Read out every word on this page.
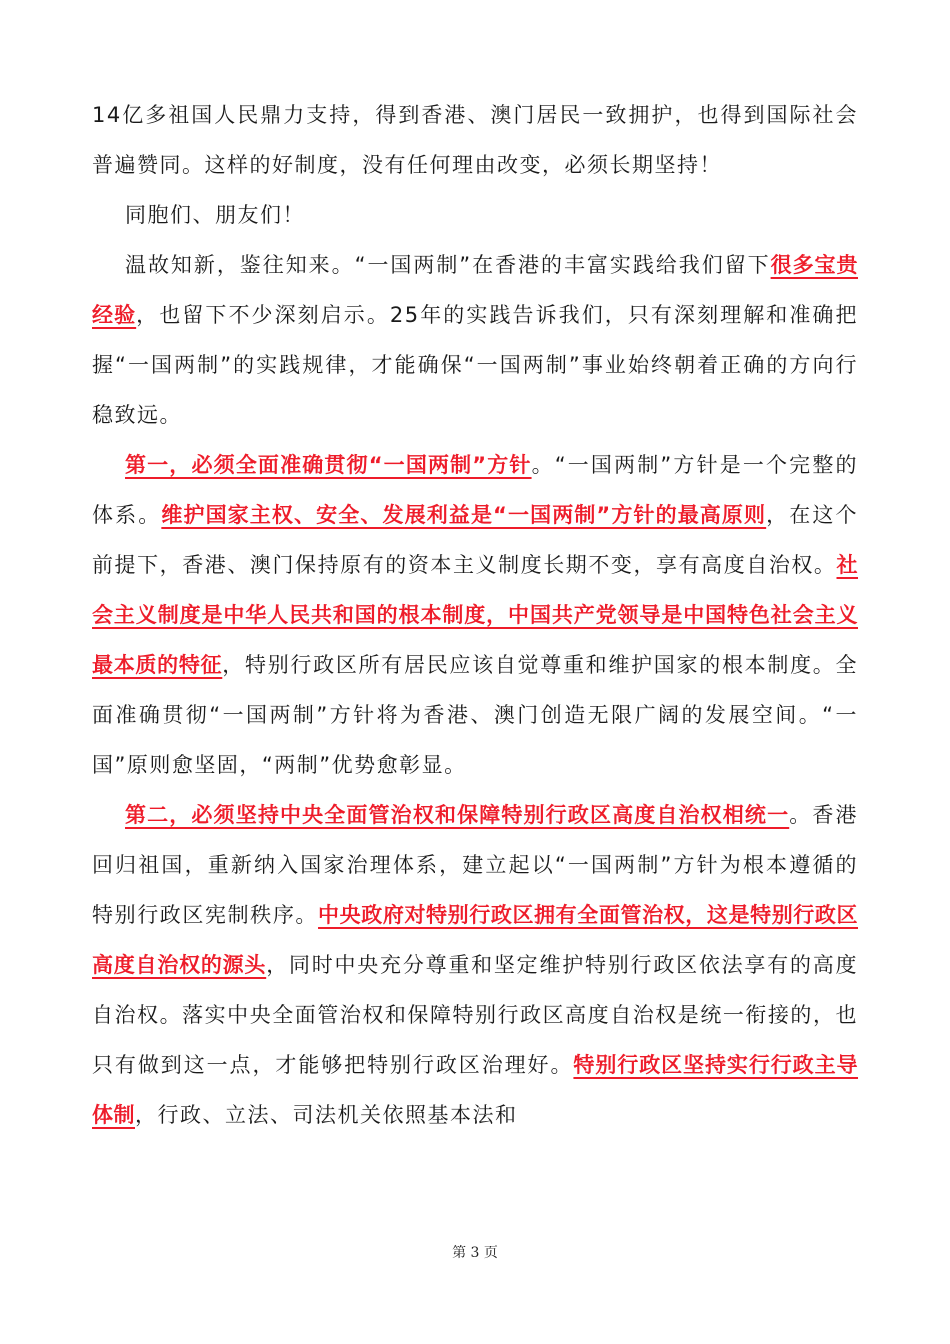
14亿多祖国人民鼎力支持，得到香港、澳门居民一致拥护，也得到国际社会普遍赞同。这样的好制度，没有任何理由改变，必须长期坚持！

同胞们、朋友们！

温故知新，鉴往知来。“一国两制”在香港的丰富实践给我们留下很多宝贵经验，也留下不少深刻启示。25年的实践告诉我们，只有深刻理解和准确把握“一国两制”的实践规律，才能确保“一国两制”事业始终朝着正确的方向行稳致远。

第一，必须全面准确贯彻“一国两制”方针。“一国两制”方针是一个完整的体系。维护国家主权、安全、发展利益是“一国两制”方针的最高原则，在这个前提下，香港、澳门保持原有的资本主义制度长期不变，享有高度自治权。社会主义制度是中华人民共和国的根本制度，中国共产党领导是中国特色社会主义最本质的特征，特别行政区所有居民应该自觉尊重和维护国家的根本制度。全面准确贯彻“一国两制”方针将为香港、澳门创造无限广阔的发展空间。“一国”原则愈坚固，“两制”优势愈彰显。

第二，必须坚持中央全面管治权和保障特别行政区高度自治权相统一。香港回归祖国，重新纳入国家治理体系，建立起以“一国两制”方针为根本遵循的特别行政区宪制秩序。中央政府对特别行政区拥有全面管治权，这是特别行政区高度自治权的源头，同时中央充分尊重和坚定维护特别行政区依法享有的高度自治权。落实中央全面管治权和保障特别行政区高度自治权是统一衔接的，也只有做到这一点，才能够把特别行政区治理好。特别行政区坚持实行行政主导体制，行政、立法、司法机关依照基本法和

第 3 页
